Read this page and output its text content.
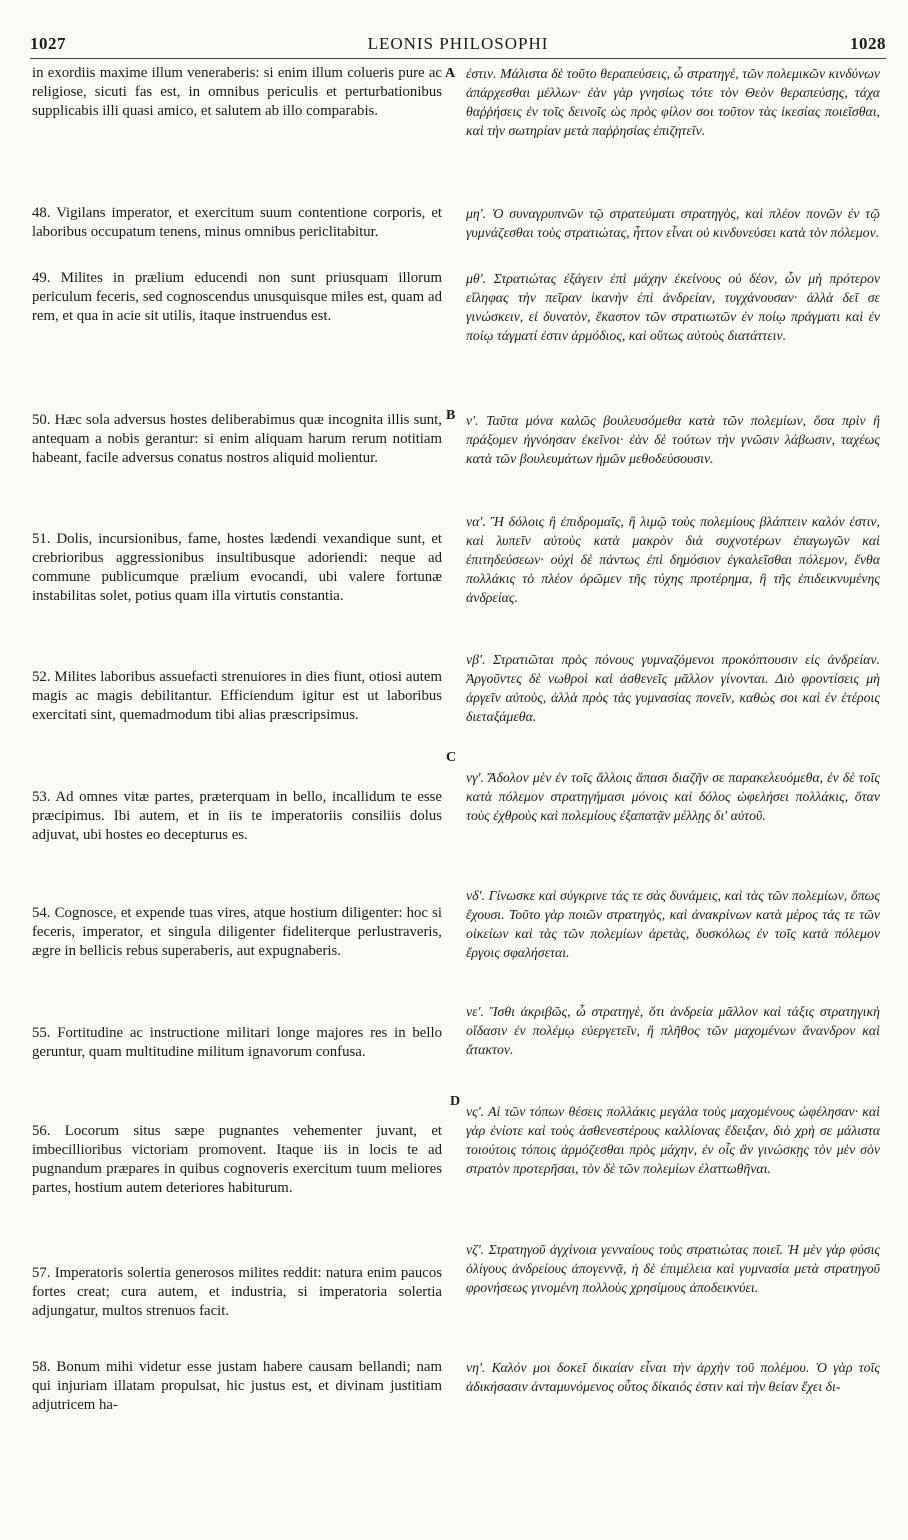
1027	LEONIS PHILOSOPHI	1028
A
B
C
D

in exordiis maxime illum veneraberis: si enim illum colueris pure ac religiose, sicuti fas est, in omnibus periculis et perturbationibus supplicabis illi quasi amico, et salutem ab illo comparabis.

48. Vigilans imperator, et exercitum suum contentione corporis, et laboribus occupatum tenens, minus omnibus periclitabitur.

49. Milites in prælium educendi non sunt priusquam illorum periculum feceris, sed cognoscendus unusquisque miles est, quam ad rem, et qua in acie sit utilis, itaque instruendus est.

50. Hæc sola adversus hostes deliberabimus quæ incognita illis sunt, antequam a nobis gerantur: si enim aliquam harum rerum notitiam habeant, facile adversus conatus nostros aliquid molientur.

51. Dolis, incursionibus, fame, hostes lædendi vexandique sunt, et crebrioribus aggressionibus insultibusque adoriendi: neque ad commune publicumque prælium evocandi, ubi valere fortunæ instabilitas solet, potius quam illa virtutis constantia.

52. Milites laboribus assuefacti strenuiores in dies fiunt, otiosi autem magis ac magis debilitantur. Efficiendum igitur est ut laboribus exercitati sint, quemadmodum tibi alias præscripsimus.

53. Ad omnes vitæ partes, præterquam in bello, incallidum te esse præcipimus. Ibi autem, et in iis te imperatoriis consiliis dolus adjuvat, ubi hostes eo decepturus es.

54. Cognosce, et expende tuas vires, atque hostium diligenter: hoc si feceris, imperator, et singula diligenter fideliterque perlustraveris, ægre in bellicis rebus superaberis, aut expugnaberis.

55. Fortitudine ac instructione militari longe majores res in bello geruntur, quam multitudine militum ignavorum confusa.

56. Locorum situs sæpe pugnantes vehementer juvant, et imbecillioribus victoriam promovent. Itaque iis in locis te ad pugnandum præpares in quibus cognoveris exercitum tuum meliores partes, hostium autem deteriores habiturum.

57. Imperatoris solertia generosos milites reddit: natura enim paucos fortes creat; cura autem, et industria, si imperatoria solertia adjungatur, multos strenuos facit.

58. Bonum mihi videtur esse justam habere causam bellandi; nam qui injuriam illatam propulsat, hic justus est, et divinam justitiam adjutricem ha-

ἐστιν. Μάλιστα δὲ τοῦτο θεραπεύσεις, ὦ στρατηγὲ, τῶν πολεμικῶν κινδύνων ἀπάρχεσθαι μέλλων· ἐὰν γὰρ γνησίως τότε τὸν Θεὸν θεραπεύσῃς, τάχα θαῤῥήσεις ἐν τοῖς δεινοῖς ὡς πρὸς φίλον σοι τοῦτον τὰς ἱκεσίας ποιεῖσθαι, καὶ τὴν σωτηρίαν μετὰ παῤῥησίας ἐπιζητεῖν.

μη'. Ὁ συναγρυπνῶν τῷ στρατεύματι στρατηγὸς, καὶ πλέον πονῶν ἐν τῷ γυμνάζεσθαι τοὺς στρατιώτας, ἧττον εἶναι οὐ κινδυνεύσει κατὰ τὸν πόλεμον.

μθ'. Στρατιώτας ἐξάγειν ἐπὶ μάχην ἐκείνους οὐ δέον, ὧν μὴ πρότερον εἴληφας τὴν πεῖραν ἱκανὴν ἐπὶ ἀνδρείαν, τυγχάνουσαν· ἀλλὰ δεῖ σε γινώσκειν, εἰ δυνατὸν, ἕκαστον τῶν στρατιωτῶν ἐν ποίῳ πράγματι καὶ ἐν ποίῳ τάγματί ἐστιν ἁρμόδιος, καὶ οὕτως αὐτοὺς διατάττειν.

ν'. Ταῦτα μόνα καλῶς βουλευσόμεθα κατὰ τῶν πολεμίων, ὅσα πρὶν ἢ πράξομεν ἠγνόησαν ἐκεῖνοι· ἐὰν δὲ τούτων τὴν γνῶσιν λάβωσιν, ταχέως κατὰ τῶν βουλευμάτων ἡμῶν μεθοδεύσουσιν.

να'. Ἢ δόλοις ἢ ἐπιδρομαῖς, ἢ λιμῷ τοὺς πολεμίους βλάπτειν καλόν ἐστιν, καὶ λυπεῖν αὐτοὺς κατὰ μακρὸν διὰ συχνοτέρων ἐπαγωγῶν καὶ ἐπιτηδεύσεων· οὐχὶ δὲ πάντως ἐπὶ δημόσιον ἐγκαλεῖσθαι πόλεμον, ἔνθα πολλάκις τὸ πλέον ὁρῶμεν τῆς τύχης προτέρημα, ἢ τῆς ἐπιδεικνυμένης ἀνδρείας.

νβ'. Στρατιῶται πρὸς πόνους γυμναζόμενοι προκόπτουσιν εἰς ἀνδρείαν. Ἀργοῦντες δὲ νωθροὶ καὶ ἀσθενεῖς μᾶλλον γίνονται. Διὸ φροντίσεις μὴ ἀργεῖν αὐτοὺς, ἀλλὰ πρὸς τὰς γυμνασίας πονεῖν, καθὼς σοι καὶ ἐν ἑτέροις διεταξάμεθα.

νγ'. Ἄδολον μὲν ἐν τοῖς ἄλλοις ἅπασι διαζῆν σε παρακελευόμεθα, ἐν δὲ τοῖς κατὰ πόλεμον στρατηγήμασι μόνοις καὶ δόλος ὠφελήσει πολλάκις, ὅταν τοὺς ἐχθροὺς καὶ πολεμίους ἐξαπατᾷν μέλλῃς δι' αὐτοῦ.

νδ'. Γίνωσκε καὶ σύγκρινε τάς τε σὰς δυνάμεις, καὶ τὰς τῶν πολεμίων, ὅπως ἔχουσι. Τοῦτο γὰρ ποιῶν στρατηγὸς, καὶ ἀνακρίνων κατὰ μέρος τάς τε τῶν οἰκείων καὶ τὰς τῶν πολεμίων ἀρετὰς, δυσκόλως ἐν τοῖς κατὰ πόλεμον ἔργοις σφαλήσεται.

νε'. Ἴσθι ἀκριβῶς, ὦ στρατηγὲ, ὅτι ἀνδρεία μᾶλλον καὶ τάξις στρατηγικὴ οἴδασιν ἐν πολέμῳ εὐεργετεῖν, ἢ πλῆθος τῶν μαχομένων ἄνανδρον καὶ ἄτακτον.

νς'. Αἱ τῶν τόπων θέσεις πολλάκις μεγάλα τοὺς μαχομένους ὠφέλησαν· καὶ γὰρ ἐνίοτε καὶ τοὺς ἀσθενεστέρους καλλίονας ἔδειξαν, διὸ χρὴ σε μάλιστα τοιούτοις τόποις ἁρμόζεσθαι πρὸς μάχην, ἐν οἷς ἂν γινώσκῃς τὸν μὲν σὸν στρατὸν προτερῆσαι, τὸν δὲ τῶν πολεμίων ἐλαττωθῆναι.

νζ'. Στρατηγοῦ ἀγχίνοια γενναίους τοὺς στρατιώτας ποιεῖ. Ἡ μὲν γὰρ φύσις ὀλίγους ἀνδρείους ἀπογεννᾷ, ἡ δὲ ἐπιμέλεια καὶ γυμνασία μετὰ στρατηγοῦ φρονήσεως γινομένη πολλοὺς χρησίμους ἀποδεικνύει.

νη'. Καλόν μοι δοκεῖ δικαίαν εἶναι τὴν ἀρχὴν τοῦ πολέμου. Ὁ γὰρ τοῖς ἀδικήσασιν ἀνταμυνόμενος οὗτος δίκαιός ἐστιν καὶ τὴν θείαν ἔχει δι-
